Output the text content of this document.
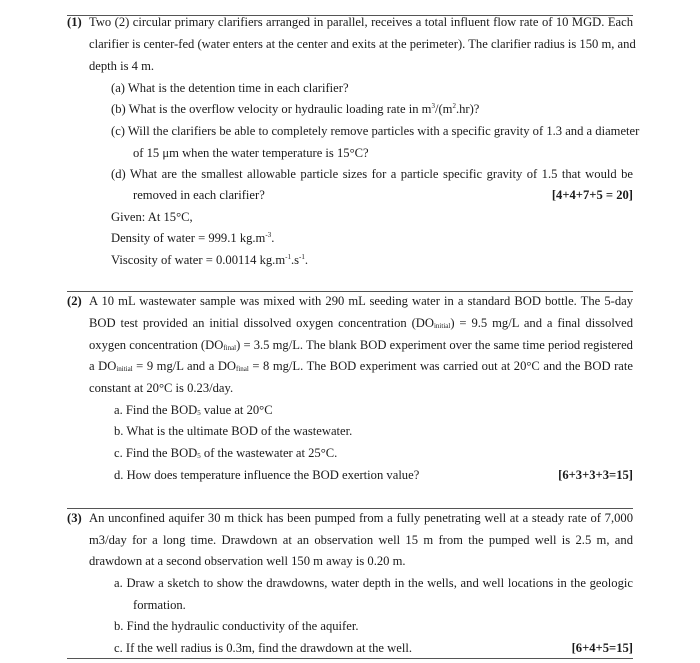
(1) Two (2) circular primary clarifiers arranged in parallel, receives a total influent flow rate of 10 MGD. Each
clarifier is center-fed (water enters at the center and exits at the perimeter). The clarifier radius is 150 m, and
depth is 4 m.
(a) What is the detention time in each clarifier?
(b) What is the overflow velocity or hydraulic loading rate in $m^3/(m^2.hr)$?
(c) Will the clarifiers be able to completely remove particles with a specific gravity of 1.3 and a diameter
of 15 μm when the water temperature is 15°C?
(d) What are the smallest allowable particle sizes for a particle specific gravity of 1.5 that would be
removed in each clarifier?	[4+4+7+5 = 20]
Given: At 15°C,
Density of water = 999.1 $kg.m^{-3}$.
Viscosity of water = 0.00114 $kg.m^{-1}.s^{-1}$.
(2) A 10 mL wastewater sample was mixed with 290 mL seeding water in a standard BOD bottle. The 5-day
BOD test provided an initial dissolved oxygen concentration $(DO_{initial}) = 9.5$ mg/L and a final dissolved
oxygen concentration $(DO_{final}) = 3.5$ mg/L. The blank BOD experiment over the same time period registered
a $DO_{initial} = 9$ mg/L and a $DO_{final} = 8$ mg/L. The BOD experiment was carried out at 20°C and the BOD rate
constant at 20°C is 0.23/day.
a. Find the $BOD_5$ value at 20°C
b. What is the ultimate BOD of the wastewater.
c. Find the $BOD_5$ of the wastewater at 25°C.
d. How does temperature influence the BOD exertion value?	[6+3+3+3=15]
(3) An unconfined aquifer 30 m thick has been pumped from a fully penetrating well at a steady rate of 7,000
m3/day for a long time. Drawdown at an observation well 15 m from the pumped well is 2.5 m, and
drawdown at a second observation well 150 m away is 0.20 m.
a. Draw a sketch to show the drawdowns, water depth in the wells, and well locations in the geologic
formation.
b. Find the hydraulic conductivity of the aquifer.
c. If the well radius is 0.3m, find the drawdown at the well.	[6+4+5=15]
